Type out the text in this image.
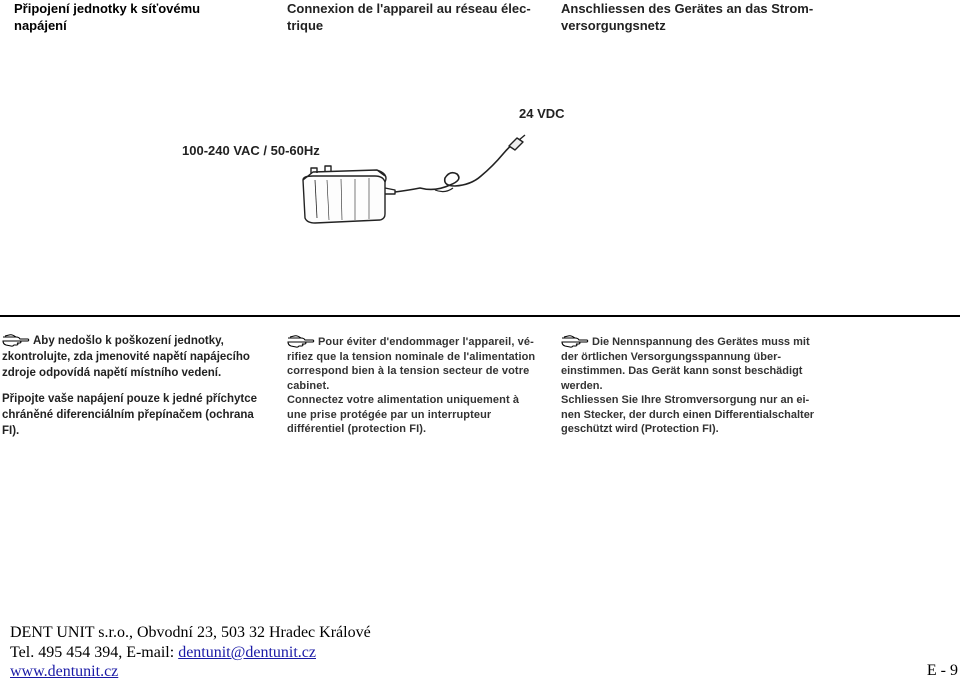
Připojení jednotky k síťovému napájení
Connexion de l'appareil au réseau élec-trique
Anschliessen des Gerätes an das Strom-versorgungsnetz
24 VDC
100-240 VAC / 50-60Hz

Aby nedošlo k poškození jednotky, zkontrolujte, zda jmenovité napětí napájecího zdroje odpovídá napětí místního vedení.

Připojte vaše napájení pouze k jedné příchytce chráněné diferenciálním přepínačem (ochrana FI).

Pour éviter d'endommager l'appareil, vé-rifiez que la tension nominale de l'alimentation correspond bien à la tension secteur de votre cabinet.

Connectez votre alimentation uniquement à une prise protégée par un interrupteur différentiel (protection FI).

Die Nennspannung des Gerätes muss mit der örtlichen Versorgungsspannung über-einstimmen. Das Gerät kann sonst beschädigt werden.

Schliessen Sie Ihre Stromversorgung nur an ei-nen Stecker, der durch einen Differentialschalter geschützt wird (Protection FI).

DENT UNIT s.r.o., Obvodní 23, 503 32 Hradec Králové
Tel. 495 454 394, E-mail: dentunit@dentunit.cz
www.dentunit.cz	E - 9
